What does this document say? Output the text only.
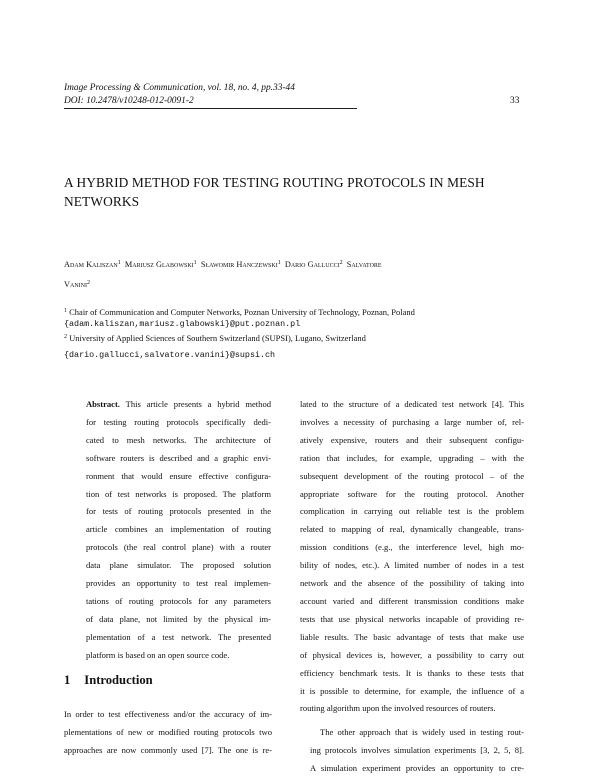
Image Processing & Communication, vol. 18, no. 4, pp.33-44
DOI: 10.2478/v10248-012-0091-2	33
A HYBRID METHOD FOR TESTING ROUTING PROTOCOLS IN MESH
NETWORKS
Adam Kaliszan$^1$ Mariusz Glabowski$^1$ Sławomir Hanczewski$^1$ Dario Gallucci$^2$ Salvatore
Vanini$^2$
$^1$ Chair of Communication and Computer Networks, Poznan University of Technology, Poznan, Poland
{adam.kaliszan,mariusz.glabowski}@put.poznan.pl
$^2$ University of Applied Sciences of Southern Switzerland (SUPSI), Lugano, Switzerland
{dario.gallucci,salvatore.vanini}@supsi.ch
Abstract. This article presents a hybrid method
for testing routing protocols specifically dedi-
cated to mesh networks. The architecture of
software routers is described and a graphic envi-
ronment that would ensure effective configura-
tion of test networks is proposed. The platform
for tests of routing protocols presented in the
article combines an implementation of routing
protocols (the real control plane) with a router
data plane simulator. The proposed solution
provides an opportunity to test real implemen-
tations of routing protocols for any parameters
of data plane, not limited by the physical im-
plementation of a test network. The presented
platform is based on an open source code.
1 Introduction
In order to test effectiveness and/or the accuracy of im-
plementations of new or modified routing protocols two
approaches are now commonly used [7]. The one is re-
lated to the structure of a dedicated test network [4]. This
involves a necessity of purchasing a large number of, rel-
atively expensive, routers and their subsequent configu-
ration that includes, for example, upgrading – with the
subsequent development of the routing protocol – of the
appropriate software for the routing protocol. Another
complication in carrying out reliable test is the problem
related to mapping of real, dynamically changeable, trans-
mission conditions (e.g., the interference level, high mo-
bility of nodes, etc.). A limited number of nodes in a test
network and the absence of the possibility of taking into
account varied and different transmission conditions make
tests that use physical networks incapable of providing re-
liable results. The basic advantage of tests that make use
of physical devices is, however, a possibility to carry out
efficiency benchmark tests. It is thanks to these tests that
it is possible to determine, for example, the influence of a
routing algorithm upon the involved resources of routers.
The other approach that is widely used in testing rout-
ing protocols involves simulation experiments [3, 2, 5, 8].
A simulation experiment provides an opportunity to cre-
